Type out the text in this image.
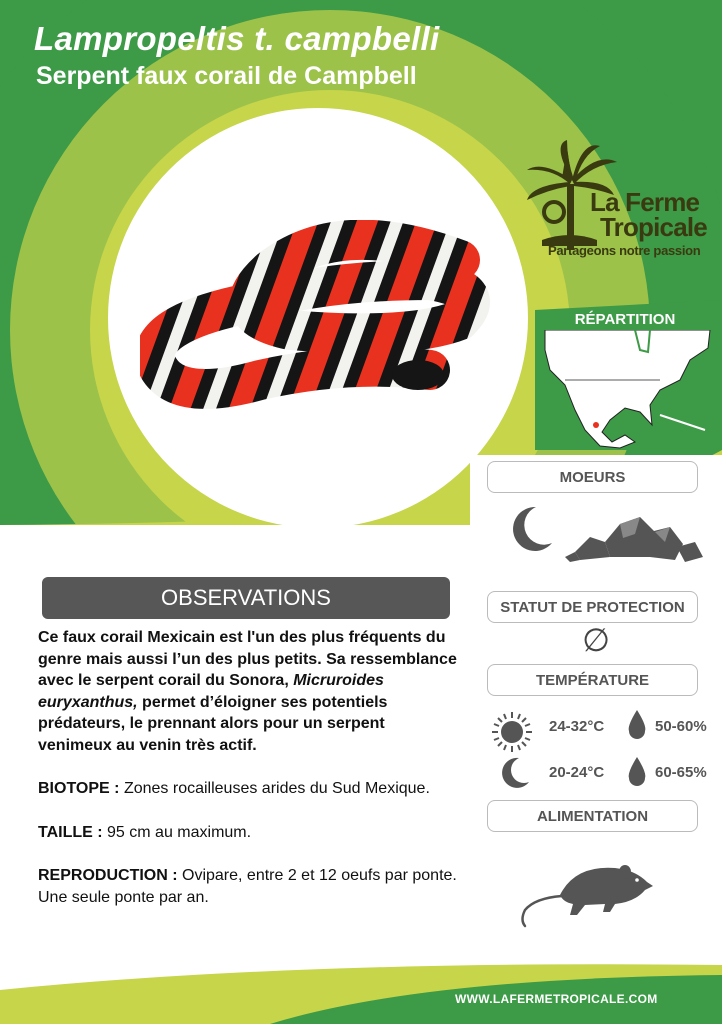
Lampropeltis t. campbelli
Serpent faux corail de Campbell
La Ferme
Tropicale
Partageons notre passion
RÉPARTITION
MOEURS
STATUT DE PROTECTION
∅
TEMPÉRATURE
24-32°C	50-60%
20-24°C	60-65%
ALIMENTATION
OBSERVATIONS

Ce faux corail Mexicain est l'un des plus fréquents du genre mais aussi l’un des plus petits. Sa ressemblance avec le serpent corail du Sonora, Micruroides euryxanthus, permet d’éloigner ses potentiels prédateurs, le prennant alors pour un serpent venimeux au venin très actif.

BIOTOPE : Zones rocailleuses arides du Sud Mexique.

TAILLE : 95 cm au maximum.

REPRODUCTION : Ovipare, entre 2 et 12 oeufs par ponte. Une seule ponte par an.

WWW.LAFERMETROPICALE.COM
